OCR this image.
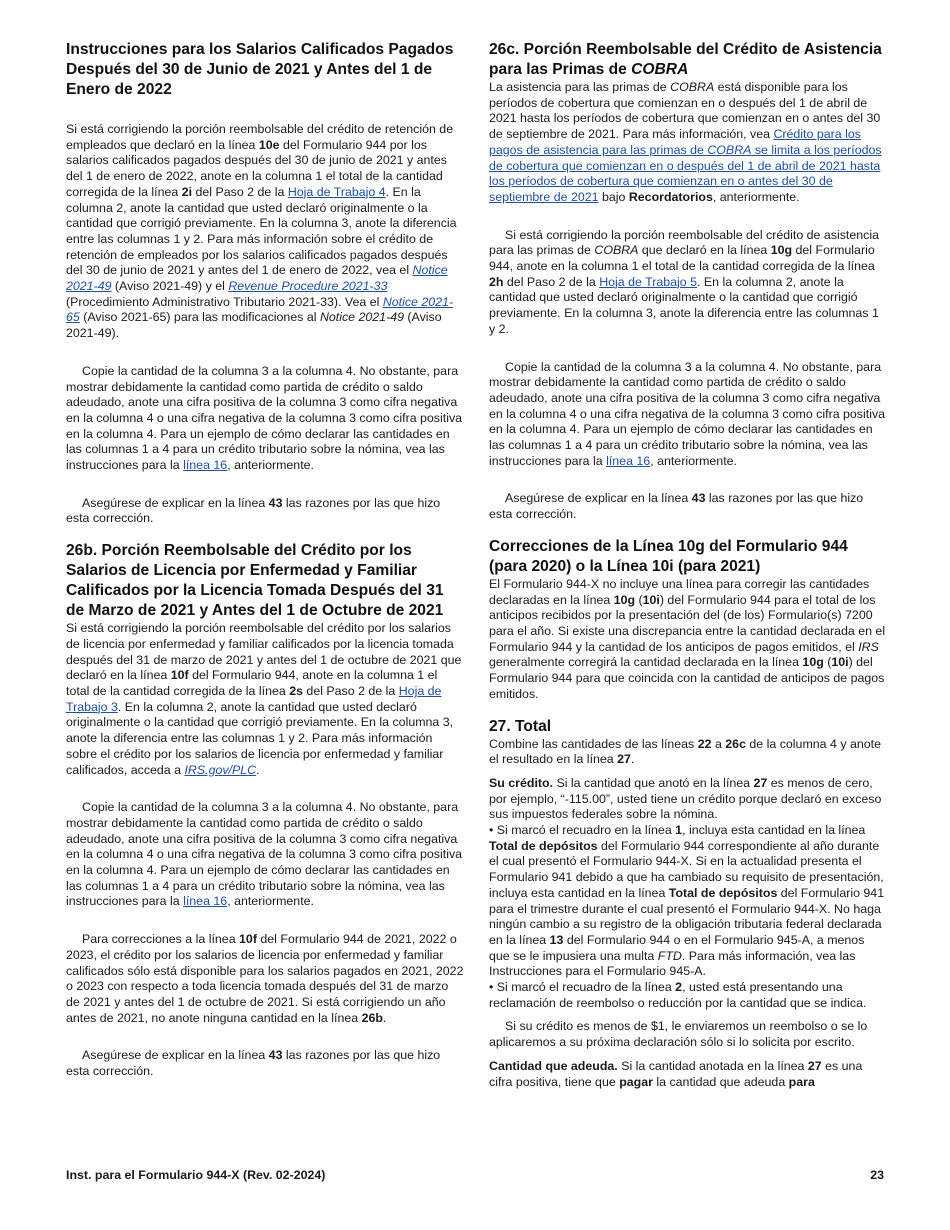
Instrucciones para los Salarios Calificados Pagados Después del 30 de Junio de 2021 y Antes del 1 de Enero de 2022

Si está corrigiendo la porción reembolsable del crédito de retención de empleados que declaró en la línea 10e del Formulario 944 por los salarios calificados pagados después del 30 de junio de 2021 y antes del 1 de enero de 2022, anote en la columna 1 el total de la cantidad corregida de la línea 2i del Paso 2 de la Hoja de Trabajo 4. En la columna 2, anote la cantidad que usted declaró originalmente o la cantidad que corrigió previamente. En la columna 3, anote la diferencia entre las columnas 1 y 2. Para más información sobre el crédito de retención de empleados por los salarios calificados pagados después del 30 de junio de 2021 y antes del 1 de enero de 2022, vea el Notice 2021-49 (Aviso 2021-49) y el Revenue Procedure 2021-33 (Procedimiento Administrativo Tributario 2021-33). Vea el Notice 2021-65 (Aviso 2021-65) para las modificaciones al Notice 2021-49 (Aviso 2021-49).

Copie la cantidad de la columna 3 a la columna 4. No obstante, para mostrar debidamente la cantidad como partida de crédito o saldo adeudado, anote una cifra positiva de la columna 3 como cifra negativa en la columna 4 o una cifra negativa de la columna 3 como cifra positiva en la columna 4. Para un ejemplo de cómo declarar las cantidades en las columnas 1 a 4 para un crédito tributario sobre la nómina, vea las instrucciones para la línea 16, anteriormente.

Asegúrese de explicar en la línea 43 las razones por las que hizo esta corrección.

26b. Porción Reembolsable del Crédito por los Salarios de Licencia por Enfermedad y Familiar Calificados por la Licencia Tomada Después del 31 de Marzo de 2021 y Antes del 1 de Octubre de 2021

Si está corrigiendo la porción reembolsable del crédito por los salarios de licencia por enfermedad y familiar calificados por la licencia tomada después del 31 de marzo de 2021 y antes del 1 de octubre de 2021 que declaró en la línea 10f del Formulario 944, anote en la columna 1 el total de la cantidad corregida de la línea 2s del Paso 2 de la Hoja de Trabajo 3. En la columna 2, anote la cantidad que usted declaró originalmente o la cantidad que corrigió previamente. En la columna 3, anote la diferencia entre las columnas 1 y 2. Para más información sobre el crédito por los salarios de licencia por enfermedad y familiar calificados, acceda a IRS.gov/PLC.

Copie la cantidad de la columna 3 a la columna 4. No obstante, para mostrar debidamente la cantidad como partida de crédito o saldo adeudado, anote una cifra positiva de la columna 3 como cifra negativa en la columna 4 o una cifra negativa de la columna 3 como cifra positiva en la columna 4. Para un ejemplo de cómo declarar las cantidades en las columnas 1 a 4 para un crédito tributario sobre la nómina, vea las instrucciones para la línea 16, anteriormente.

Para correcciones a la línea 10f del Formulario 944 de 2021, 2022 o 2023, el crédito por los salarios de licencia por enfermedad y familiar calificados sólo está disponible para los salarios pagados en 2021, 2022 o 2023 con respecto a toda licencia tomada después del 31 de marzo de 2021 y antes del 1 de octubre de 2021. Si está corrigiendo un año antes de 2021, no anote ninguna cantidad en la línea 26b.

Asegúrese de explicar en la línea 43 las razones por las que hizo esta corrección.

26c. Porción Reembolsable del Crédito de Asistencia para las Primas de COBRA

La asistencia para las primas de COBRA está disponible para los períodos de cobertura que comienzan en o después del 1 de abril de 2021 hasta los períodos de cobertura que comienzan en o antes del 30 de septiembre de 2021. Para más información, vea Crédito para los pagos de asistencia para las primas de COBRA se limita a los períodos de cobertura que comienzan en o después del 1 de abril de 2021 hasta los períodos de cobertura que comienzan en o antes del 30 de septiembre de 2021 bajo Recordatorios, anteriormente.

Si está corrigiendo la porción reembolsable del crédito de asistencia para las primas de COBRA que declaró en la línea 10g del Formulario 944, anote en la columna 1 el total de la cantidad corregida de la línea 2h del Paso 2 de la Hoja de Trabajo 5. En la columna 2, anote la cantidad que usted declaró originalmente o la cantidad que corrigió previamente. En la columna 3, anote la diferencia entre las columnas 1 y 2.

Copie la cantidad de la columna 3 a la columna 4. No obstante, para mostrar debidamente la cantidad como partida de crédito o saldo adeudado, anote una cifra positiva de la columna 3 como cifra negativa en la columna 4 o una cifra negativa de la columna 3 como cifra positiva en la columna 4. Para un ejemplo de cómo declarar las cantidades en las columnas 1 a 4 para un crédito tributario sobre la nómina, vea las instrucciones para la línea 16, anteriormente.

Asegúrese de explicar en la línea 43 las razones por las que hizo esta corrección.

Correcciones de la Línea 10g del Formulario 944 (para 2020) o la Línea 10i (para 2021)

El Formulario 944-X no incluye una línea para corregir las cantidades declaradas en la línea 10g (10i) del Formulario 944 para el total de los anticipos recibidos por la presentación del (de los) Formulario(s) 7200 para el año. Si existe una discrepancia entre la cantidad declarada en el Formulario 944 y la cantidad de los anticipos de pagos emitidos, el IRS generalmente corregirá la cantidad declarada en la línea 10g (10i) del Formulario 944 para que coincida con la cantidad de anticipos de pagos emitidos.

27. Total

Combine las cantidades de las líneas 22 a 26c de la columna 4 y anote el resultado en la línea 27.

Su crédito. Si la cantidad que anotó en la línea 27 es menos de cero, por ejemplo, “-115.00”, usted tiene un crédito porque declaró en exceso sus impuestos federales sobre la nómina.

• Si marcó el recuadro en la línea 1, incluya esta cantidad en la línea Total de depósitos del Formulario 944 correspondiente al año durante el cual presentó el Formulario 944-X. Si en la actualidad presenta el Formulario 941 debido a que ha cambiado su requisito de presentación, incluya esta cantidad en la línea Total de depósitos del Formulario 941 para el trimestre durante el cual presentó el Formulario 944-X. No haga ningún cambio a su registro de la obligación tributaria federal declarada en la línea 13 del Formulario 944 o en el Formulario 945-A, a menos que se le impusiera una multa FTD. Para más información, vea las Instrucciones para el Formulario 945-A.

• Si marcó el recuadro de la línea 2, usted está presentando una reclamación de reembolso o reducción por la cantidad que se indica.

Si su crédito es menos de $1, le enviaremos un reembolso o se lo aplicaremos a su próxima declaración sólo si lo solicita por escrito.

Cantidad que adeuda. Si la cantidad anotada en la línea 27 es una cifra positiva, tiene que pagar la cantidad que adeuda para

Inst. para el Formulario 944-X (Rev. 02-2024)	23
